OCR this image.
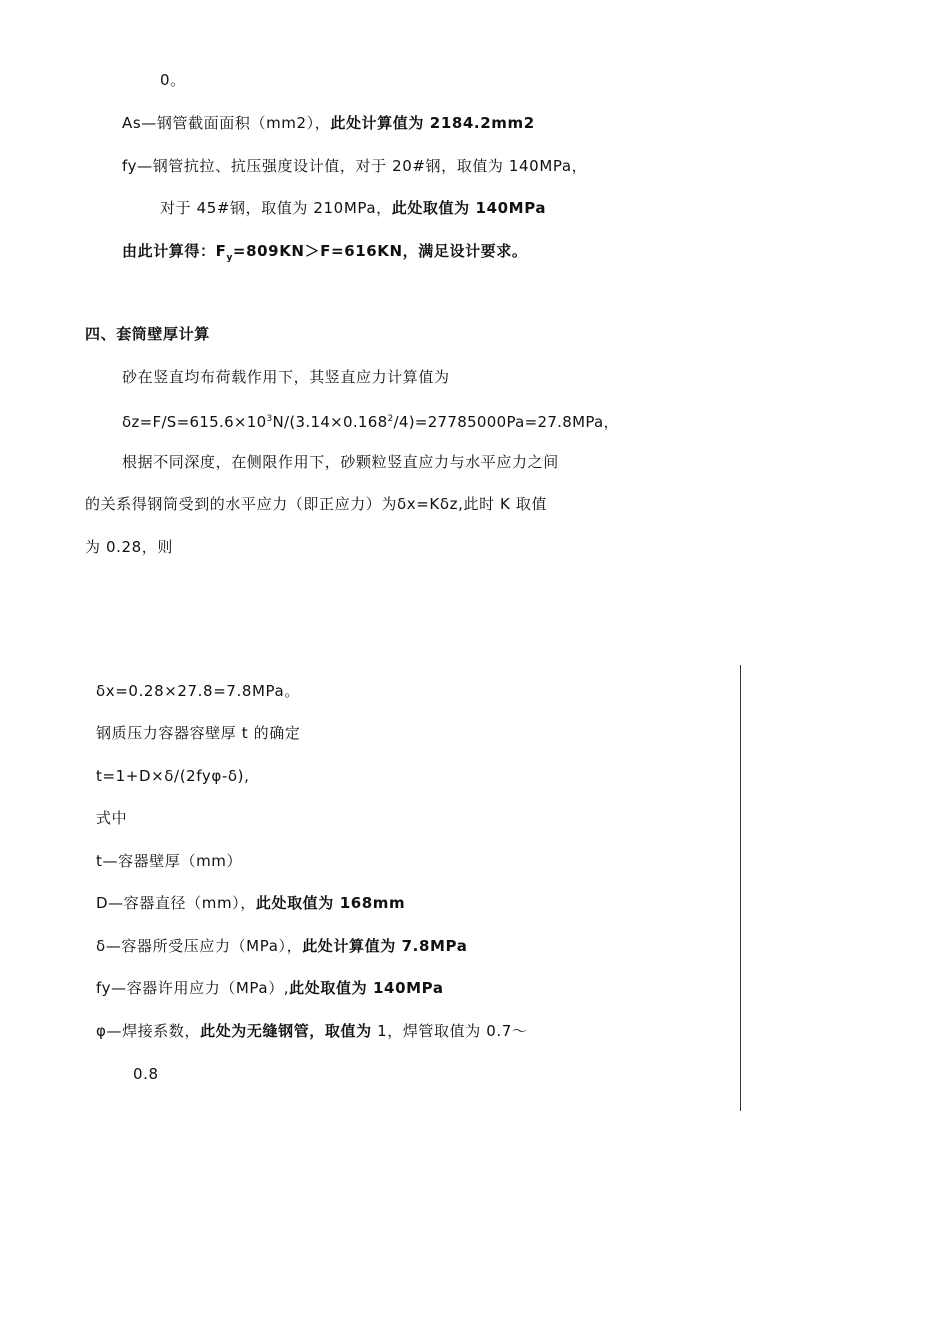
0。
As—钢管截面面积（mm2），此处计算值为 2184.2mm2
fy—钢管抗拉、抗压强度设计值，对于 20#钢，取值为 140MPa，
对于 45#钢，取值为 210MPa，此处取值为 140MPa
由此计算得：$F_y=809KN>F=616KN$，满足设计要求。
四、套筒壁厚计算
砂在竖直均布荷载作用下，其竖直应力计算值为
$\delta z=F/S=615.6\times 10^3N/(3.14\times 0.168^2/4)=27785000Pa=27.8MPa$，
根据不同深度，在侧限作用下，砂颗粒竖直应力与水平应力之间
的关系得钢筒受到的水平应力（即正应力）为δx=Kδz,此时 K 取值
为 0.28，则
δx=0.28×27.8=7.8MPa。
钢质压力容器容壁厚 t 的确定
t=1+D×δ/(2fyφ-δ),
式中
t—容器壁厚（mm）
D—容器直径（mm），此处取值为 168mm
δ—容器所受压应力（MPa），此处计算值为 7.8MPa
fy—容器许用应力（MPa）,此处取值为 140MPa
φ—焊接系数，此处为无缝钢管，取值为 1，焊管取值为 0.7～
0.8
